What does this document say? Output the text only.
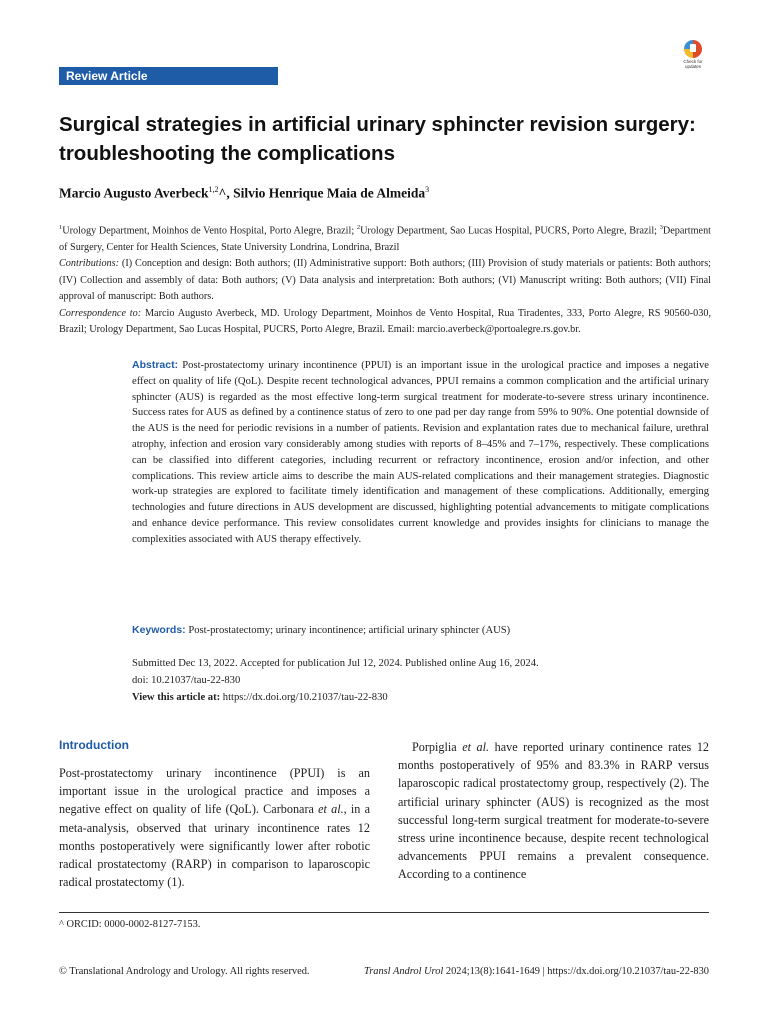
Review Article
Check for updates
Surgical strategies in artificial urinary sphincter revision surgery: troubleshooting the complications
Marcio Augusto Averbeck$^{1,2}$^, Silvio Henrique Maia de Almeida$^3$

$^1$Urology Department, Moinhos de Vento Hospital, Porto Alegre, Brazil; $^2$Urology Department, Sao Lucas Hospital, PUCRS, Porto Alegre, Brazil; $^3$Department of Surgery, Center for Health Sciences, State University Londrina, Londrina, Brazil

Contributions: (I) Conception and design: Both authors; (II) Administrative support: Both authors; (III) Provision of study materials or patients: Both authors; (IV) Collection and assembly of data: Both authors; (V) Data analysis and interpretation: Both authors; (VI) Manuscript writing: Both authors; (VII) Final approval of manuscript: Both authors.

Correspondence to: Marcio Augusto Averbeck, MD. Urology Department, Moinhos de Vento Hospital, Rua Tiradentes, 333, Porto Alegre, RS 90560-030, Brazil; Urology Department, Sao Lucas Hospital, PUCRS, Porto Alegre, Brazil. Email: marcio.averbeck@portoalegre.rs.gov.br.

Abstract: Post-prostatectomy urinary incontinence (PPUI) is an important issue in the urological practice and imposes a negative effect on quality of life (QoL). Despite recent technological advances, PPUI remains a common complication and the artificial urinary sphincter (AUS) is regarded as the most effective long-term surgical treatment for moderate-to-severe stress urinary incontinence. Success rates for AUS as defined by a continence status of zero to one pad per day range from 59% to 90%. One potential downside of the AUS is the need for periodic revisions in a number of patients. Revision and explantation rates due to mechanical failure, urethral atrophy, infection and erosion vary considerably among studies with reports of 8–45% and 7–17%, respectively. These complications can be classified into different categories, including recurrent or refractory incontinence, erosion and/or infection, and other complications. This review article aims to describe the main AUS-related complications and their management strategies. Diagnostic work-up strategies are explored to facilitate timely identification and management of these complications. Additionally, emerging technologies and future directions in AUS development are discussed, highlighting potential advancements to mitigate complications and enhance device performance. This review consolidates current knowledge and provides insights for clinicians to manage the complexities associated with AUS therapy effectively.

Keywords: Post-prostatectomy; urinary incontinence; artificial urinary sphincter (AUS)
Submitted Dec 13, 2022. Accepted for publication Jul 12, 2024. Published online Aug 16, 2024.
doi: 10.21037/tau-22-830
View this article at: https://dx.doi.org/10.21037/tau-22-830
Introduction

Post-prostatectomy urinary incontinence (PPUI) is an important issue in the urological practice and imposes a negative effect on quality of life (QoL). Carbonara et al., in a meta-analysis, observed that urinary incontinence rates 12 months postoperatively were significantly lower after robotic radical prostatectomy (RARP) in comparison to laparoscopic radical prostatectomy (1).

Porpiglia et al. have reported urinary continence rates 12 months postoperatively of 95% and 83.3% in RARP versus laparoscopic radical prostatectomy group, respectively (2). The artificial urinary sphincter (AUS) is recognized as the most successful long-term surgical treatment for moderate-to-severe stress urine incontinence because, despite recent technological advancements PPUI remains a prevalent consequence. According to a continence

^ ORCID: 0000-0002-8127-7153.
© Translational Andrology and Urology. All rights reserved.	Transl Androl Urol 2024;13(8):1641-1649 | https://dx.doi.org/10.21037/tau-22-830
